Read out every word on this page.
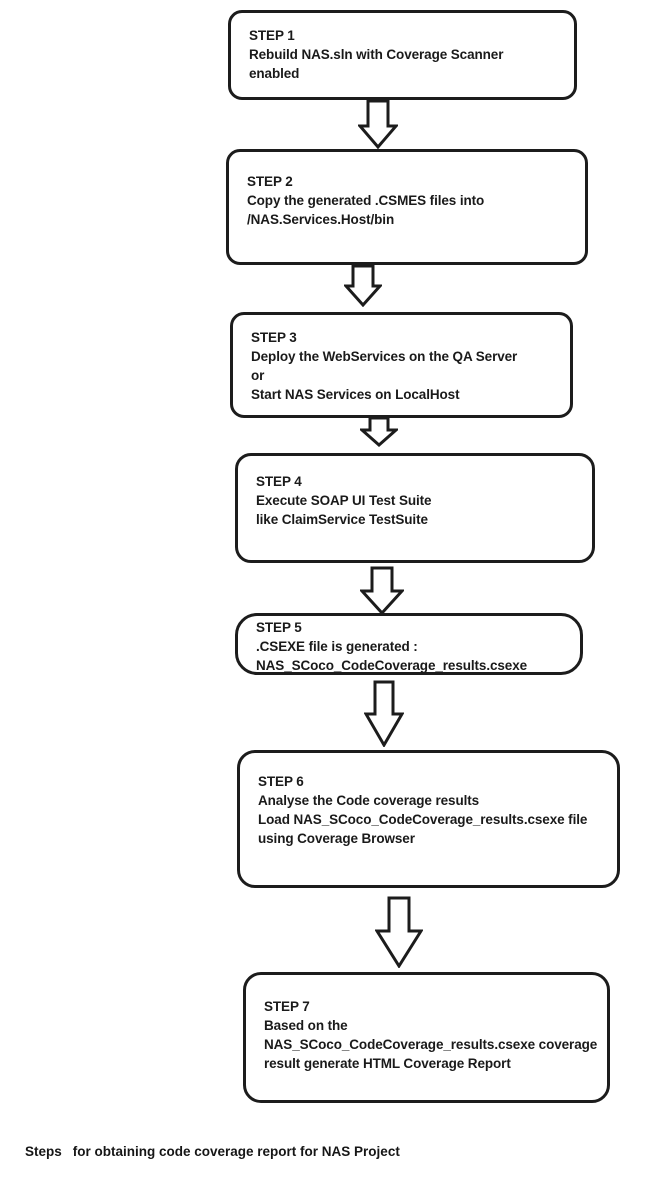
STEP 1
Rebuild NAS.sln with Coverage Scanner
enabled
STEP 2
Copy the generated .CSMES files into
/NAS.Services.Host/bin
STEP 3
Deploy the WebServices on the QA Server
or
Start NAS Services on LocalHost
STEP 4
Execute SOAP UI Test Suite
like ClaimService TestSuite
STEP 5
.CSEXE file is generated :
NAS_SCoco_CodeCoverage_results.csexe
STEP 6
Analyse the Code coverage results
Load NAS_SCoco_CodeCoverage_results.csexe file
using Coverage Browser
STEP 7
Based on the
NAS_SCoco_CodeCoverage_results.csexe coverage
result generate HTML Coverage Report
Steps for obtaining code coverage report for NAS Project
